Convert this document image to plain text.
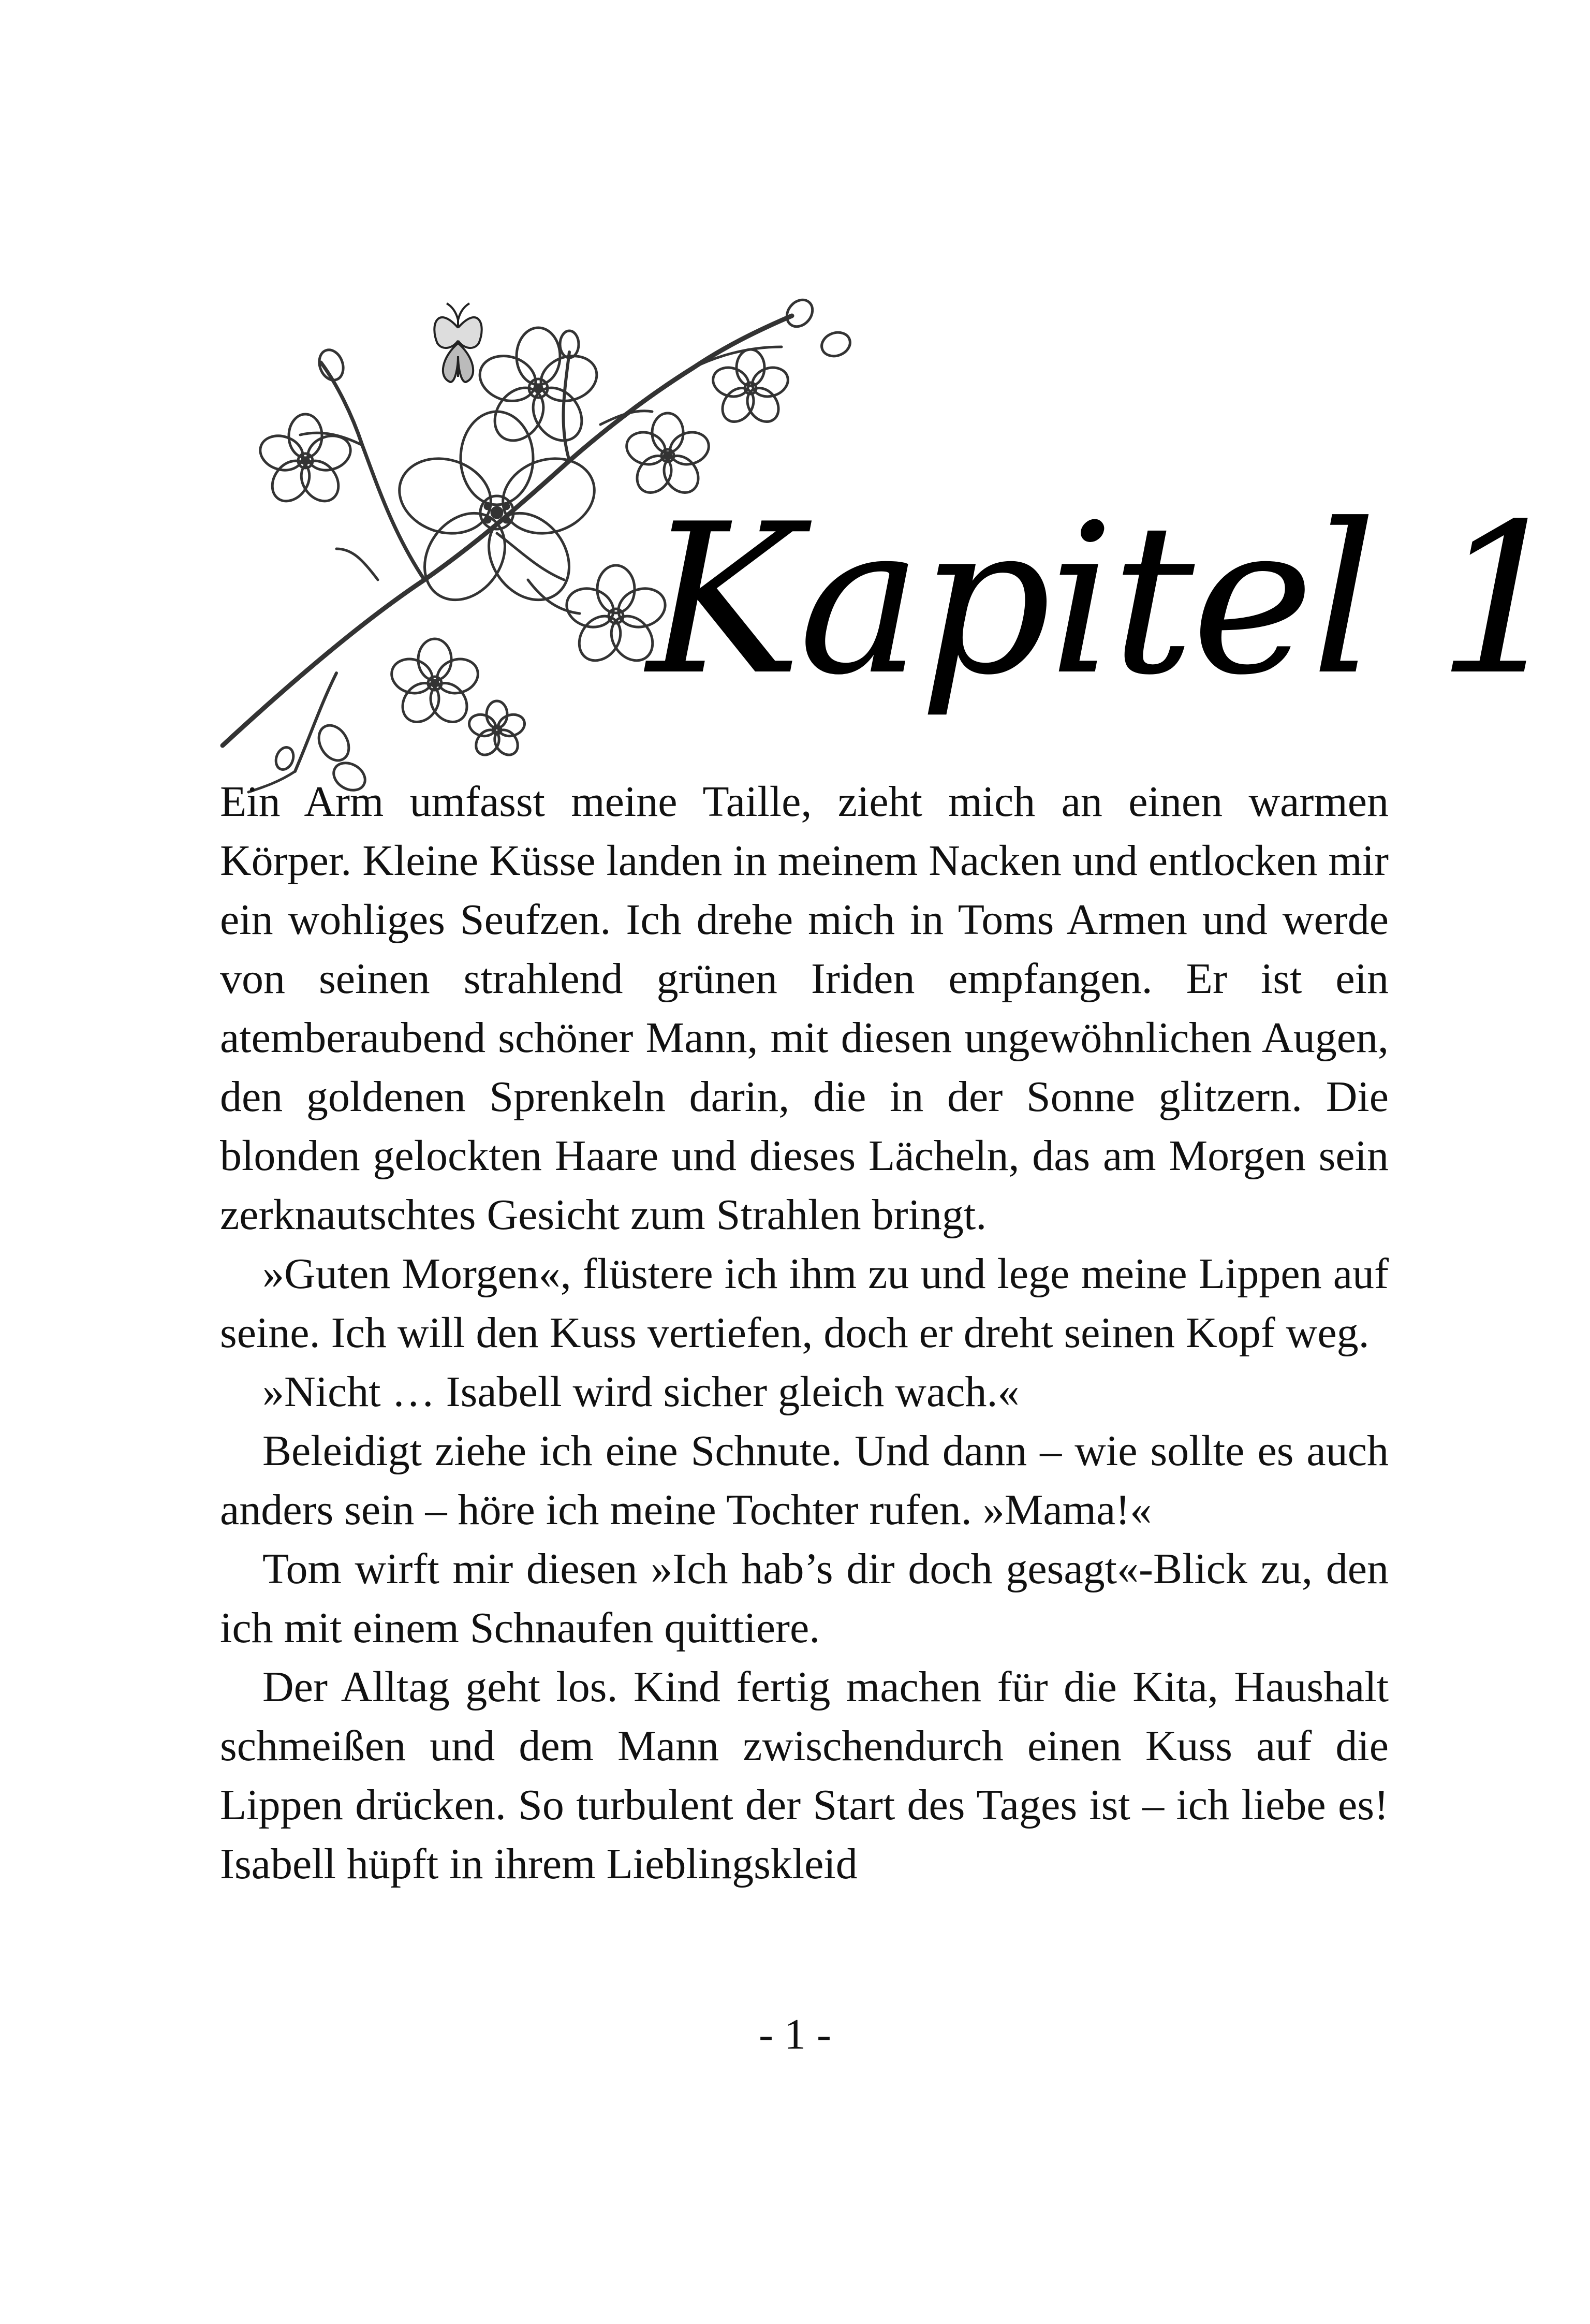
Kapitel 1

Ein Arm umfasst meine Taille, zieht mich an einen warmen Körper. Kleine Küsse landen in meinem Nacken und entlocken mir ein wohliges Seufzen. Ich drehe mich in Toms Armen und werde von seinen strahlend grünen Iriden empfangen. Er ist ein atemberaubend schöner Mann, mit diesen ungewöhnlichen Augen, den goldenen Sprenkeln darin, die in der Sonne glitzern. Die blonden gelockten Haare und dieses Lächeln, das am Morgen sein zerknautschtes Gesicht zum Strahlen bringt.

»Guten Morgen«, flüstere ich ihm zu und lege meine Lippen auf seine. Ich will den Kuss vertiefen, doch er dreht seinen Kopf weg.

»Nicht … Isabell wird sicher gleich wach.«

Beleidigt ziehe ich eine Schnute. Und dann – wie sollte es auch anders sein – höre ich meine Tochter rufen. »Mama!«

Tom wirft mir diesen »Ich hab’s dir doch gesagt«-Blick zu, den ich mit einem Schnaufen quittiere.

Der Alltag geht los. Kind fertig machen für die Kita, Haushalt schmeißen und dem Mann zwischendurch einen Kuss auf die Lippen drücken. So turbulent der Start des Tages ist – ich liebe es! Isabell hüpft in ihrem Lieblingskleid

- 1 -
